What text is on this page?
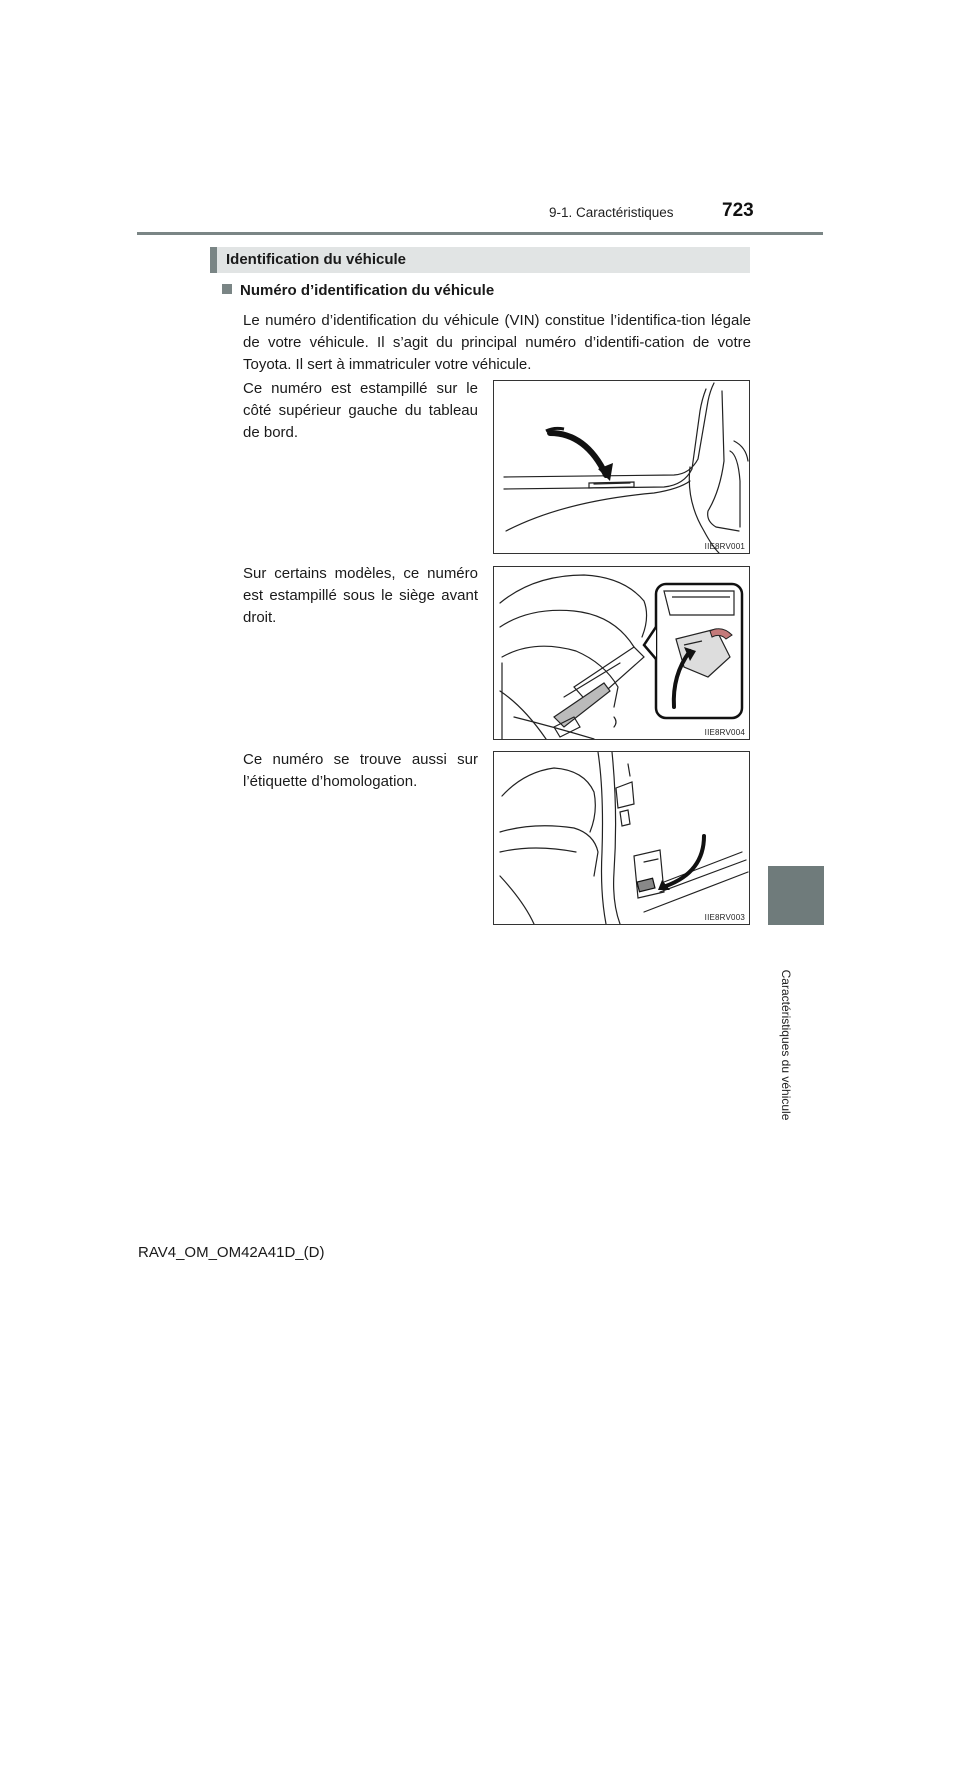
9-1. Caractéristiques	723
9
Caractéristiques du véhicule
Identification du véhicule
Numéro d’identification du véhicule
Le numéro d’identification du véhicule (VIN) constitue l’identifica-tion légale de votre véhicule. Il s’agit du principal numéro d’identifi-cation de votre Toyota. Il sert à immatriculer votre véhicule.
Ce numéro est estampillé sur le côté supérieur gauche du tableau de bord.
IIE8RV001
Sur certains modèles, ce numéro est estampillé sous le siège avant droit.
IIE8RV004
Ce numéro se trouve aussi sur l’étiquette d’homologation.
IIE8RV003
RAV4_OM_OM42A41D_(D)
